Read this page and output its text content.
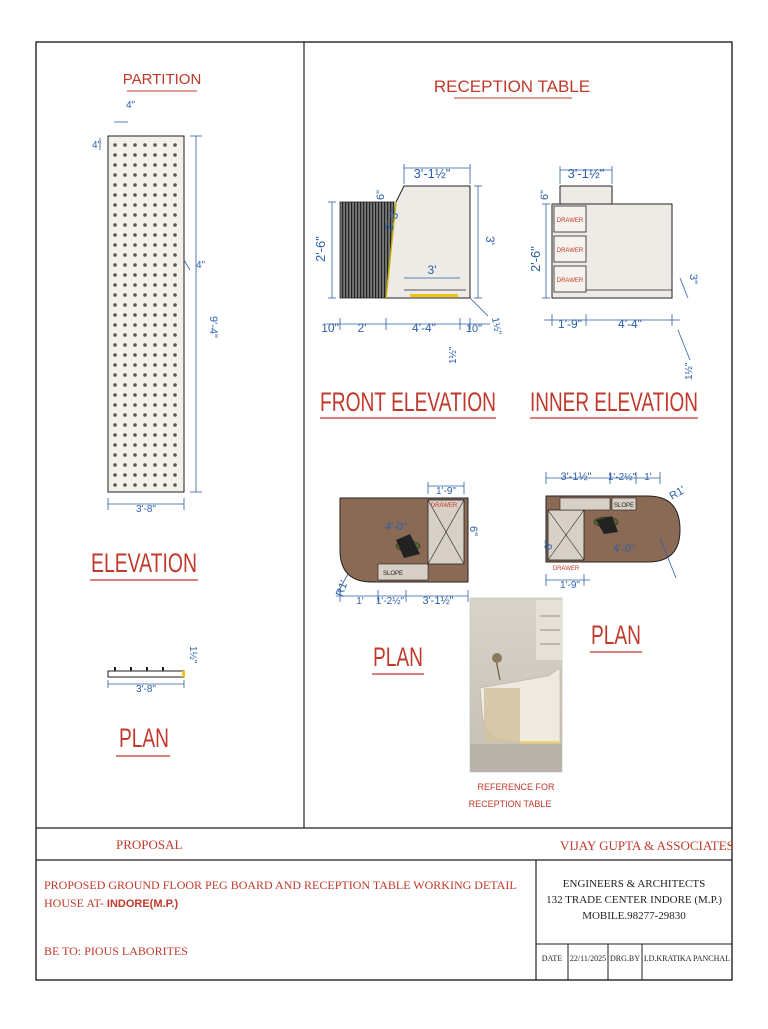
PARTITION
4"
4"
4"
9'-4"
3'-8"
ELEVATION
3'-8"
1½"
PLAN
RECEPTION TABLE
3'-1½"
6"
2'-6"
3'-3"
3'
3'
10" 2'	4'-4"	10" 1½"
1½"
FRONT ELEVATION
DRAWER
DRAWER
DRAWER
3'-1½"
6"
2'-6"
3"
1'-9"	4'-4"
1½"
INNER ELEVATION
DRAWER
SLOPE
1'-9"
4'-0"	6"
R1'
1' 1'-2½" 3'-1½"
PLAN
SLOPE
DRAWER
3'-1½" 1'-2½" 1'
R1'
4'-0"
6"
1'-9"
PLAN
REFERENCE FOR
RECEPTION TABLE
PROPOSAL	VIJAY GUPTA & ASSOCIATES
PROPOSED GROUND FLOOR PEG BOARD AND RECEPTION TABLE WORKING DETAIL
HOUSE AT- INDORE(M.P.)
BE TO: PIOUS LABORITES
ENGINEERS & ARCHITECTS
132 TRADE CENTER INDORE (M.P.)
MOBILE.98277-29830
DATE 22/11/2025 DRG.BY I.D.KRATIKA PANCHAL
